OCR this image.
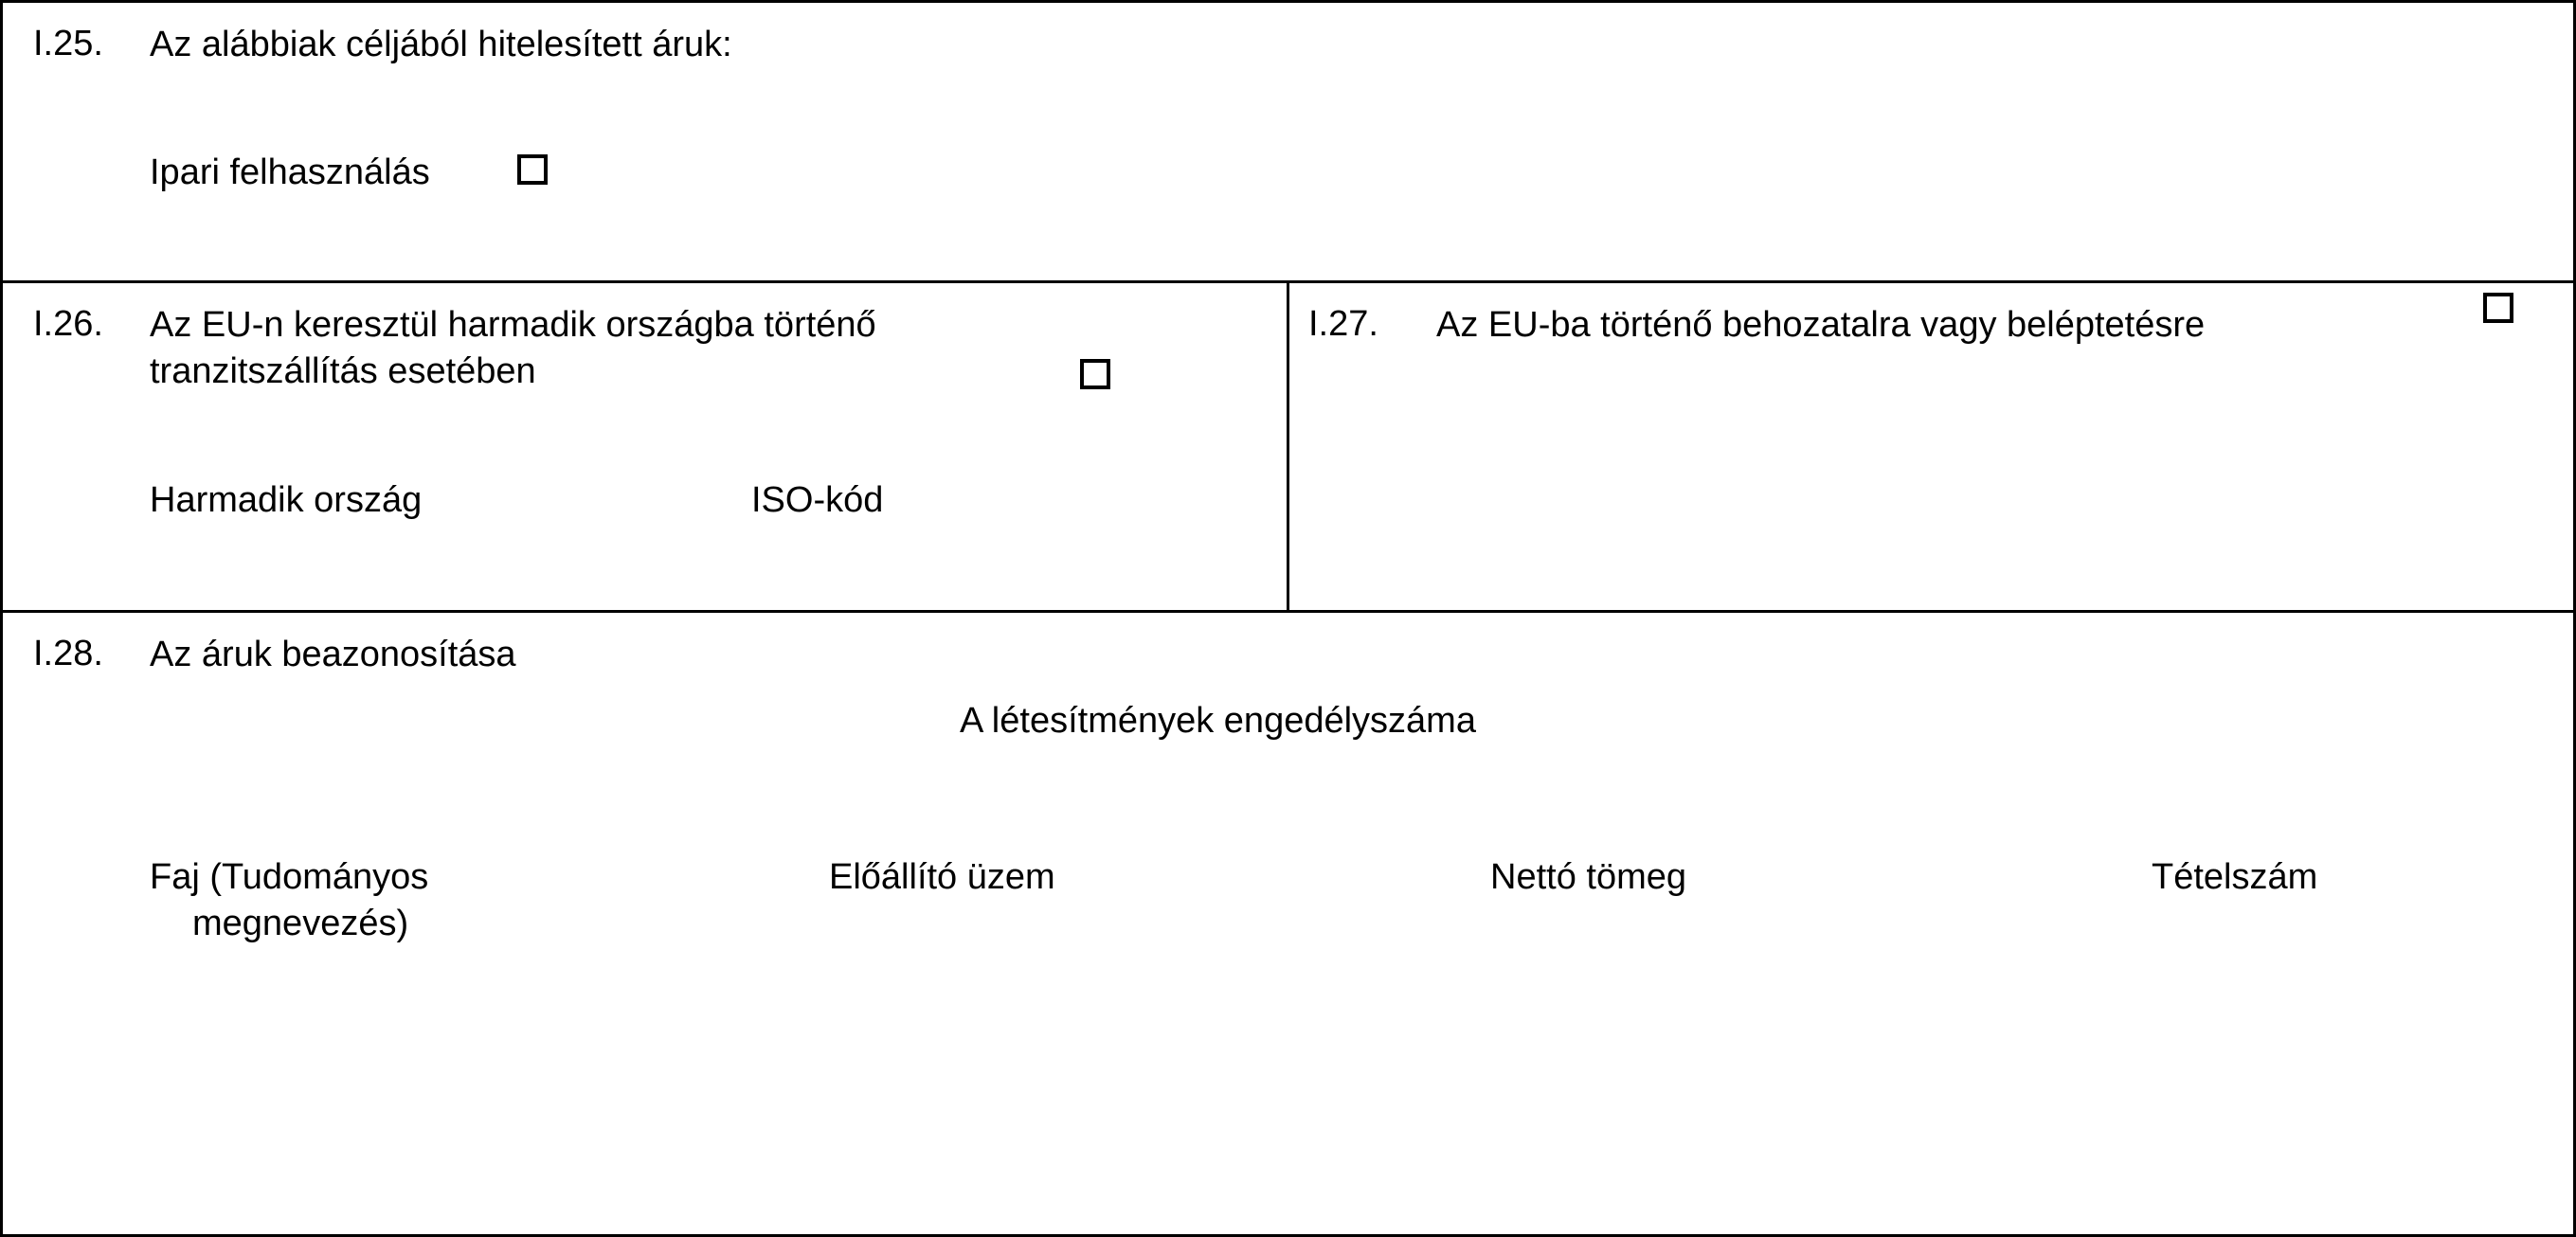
I.25. Az alábbiak céljából hitelesített áruk:
Ipari felhasználás

I.26. Az EU-n keresztül harmadik országba történő tranzitszállítás esetében
Harmadik ország	ISO-kód

I.27. Az EU-ba történő behozatalra vagy beléptetésre

I.28. Az áruk beazonosítása
A létesítmények engedélyszáma
Faj (Tudományos
megnevezés)
Előállító üzem	Nettó tömeg	Tételszám
